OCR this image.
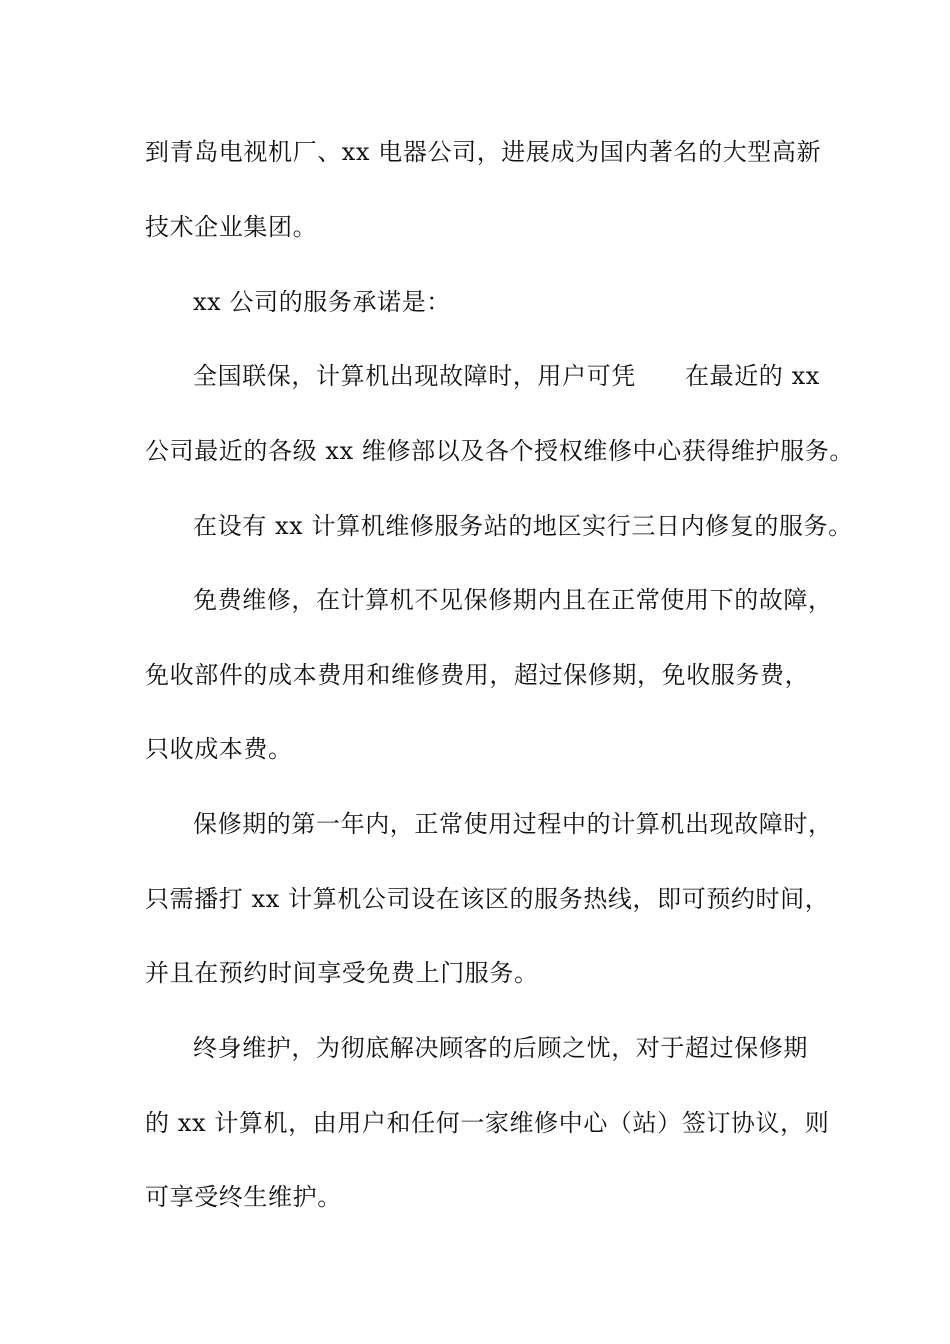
到青岛电视机厂、xx 电器公司，进展成为国内著名的大型高新
技术企业集团。
xx 公司的服务承诺是：
全国联保，计算机出现故障时，用户可凭　　在最近的 xx
公司最近的各级 xx 维修部以及各个授权维修中心获得维护服务。
在设有 xx 计算机维修服务站的地区实行三日内修复的服务。
免费维修，在计算机不见保修期内且在正常使用下的故障，
免收部件的成本费用和维修费用，超过保修期，免收服务费，
只收成本费。
保修期的第一年内，正常使用过程中的计算机出现故障时，
只需播打 xx 计算机公司设在该区的服务热线，即可预约时间，
并且在预约时间享受免费上门服务。
终身维护，为彻底解决顾客的后顾之忧，对于超过保修期
的 xx 计算机，由用户和任何一家维修中心（站）签订协议，则
可享受终生维护。
